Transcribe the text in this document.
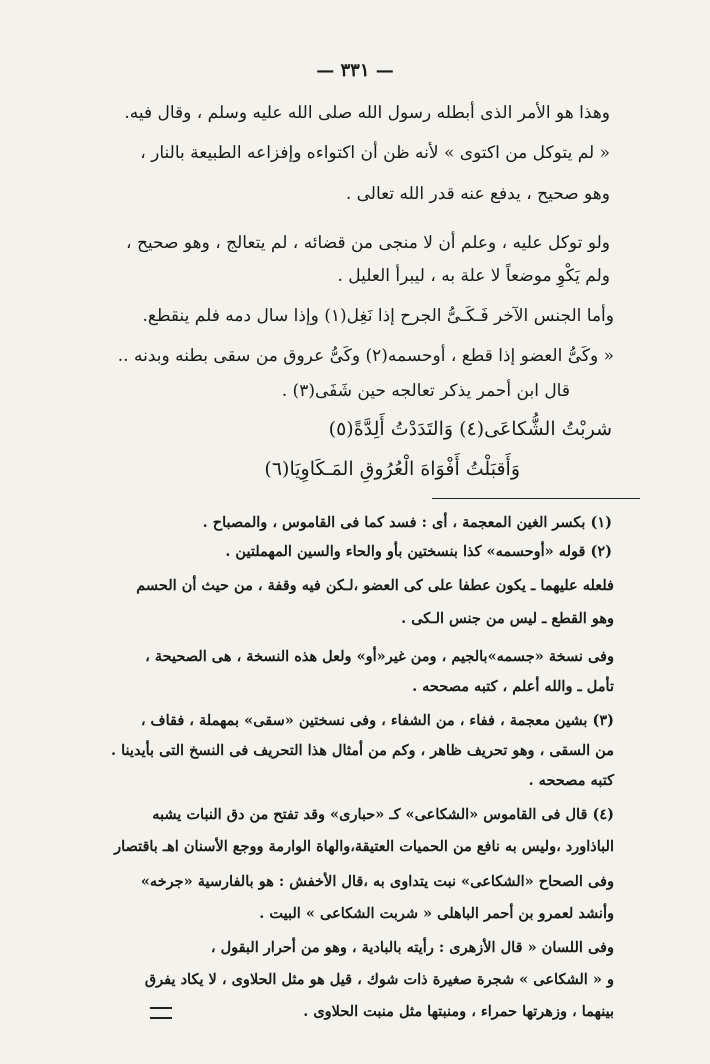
— ٣٣١ —
وهذا هو الأمر الذى أبطله رسول الله صلى الله عليه وسلم ، وقال فيه.
« لم يتوكل من اكتوى » لأنه ظن أن اكتواءه وإفزاعه الطبيعة بالنار ،
وهو صحيح ، يدفع عنه قدر الله تعالى .
ولو توكل عليه ، وعلم أن لا منجى من قضائه ، لم يتعالج ، وهو صحيح ،
ولم يَكْوِ موضعاً لا علة به ، ليبرأ العليل .
وأما الجنس الآخر فَـكَـىُّ الجرح إذا نَغِل(١) وإذا سال دمه فلم ينقطع.
« وكَىُّ العضو إذا قطع ، أوحسمه(٢) وكَىُّ عروق من سقى بطنه وبدنه ..
قال ابن أحمر يذكر تعالجه حين شَفَى(٣) .
شربْتُ الشُّكاعَى(٤) وَالتَدَدْتُ أَلِدَّةً(٥)
وَأَقبَلْتُ أَفْوَاهَ الْعُرُوقِ المَـكَاوِيَا(٦)
(١) بكسر الغين المعجمة ، أى : فسد كما فى القاموس ، والمصباح .
(٢) قوله «أوحسمه» كذا بنسختين بأو والحاء والسين المهملتين .
فلعله عليهما ـ يكون عطفا على كى العضو ،لـكن فيه وقفة ، من حيث أن الحسم
وهو القطع ـ ليس من جنس الـكى .
وفى نسخة «جسمه»بالجيم ، ومن غير«أو» ولعل هذه النسخة ، هى الصحيحة ،
تأمل ـ والله أعلم ، كتبه مصححه .
(٣) بشين معجمة ، ففاء ، من الشفاء ، وفى نسختين «سقى» بمهملة ، فقاف ،
من السقى ، وهو تحريف ظاهر ، وكم من أمثال هذا التحريف فى النسخ التى بأيدينا .
كتبه مصححه .
(٤) قال فى القاموس «الشكاعى» كـ «حبارى» وقد تفتح من دق النبات يشبه
الباذاورد ،وليس به نافع من الحميات العتيقة،والهاة الوارمة ووجع الأسنان اهـ باقتصار
وفى الصحاح «الشكاعى» نبت يتداوى به ،قال الأخفش : هو بالفارسية «جرخه»
وأنشد لعمرو بن أحمر الباهلى « شربت الشكاعى » البيت .
وفى اللسان « قال الأزهرى : رأيته بالبادية ، وهو من أحرار البقول ،
و « الشكاعى » شجرة صغيرة ذات شوك ، قيل هو مثل الحلاوى ، لا يكاد يفرق
بينهما ، وزهرتها حمراء ، ومنبتها مثل منبت الحلاوى .
